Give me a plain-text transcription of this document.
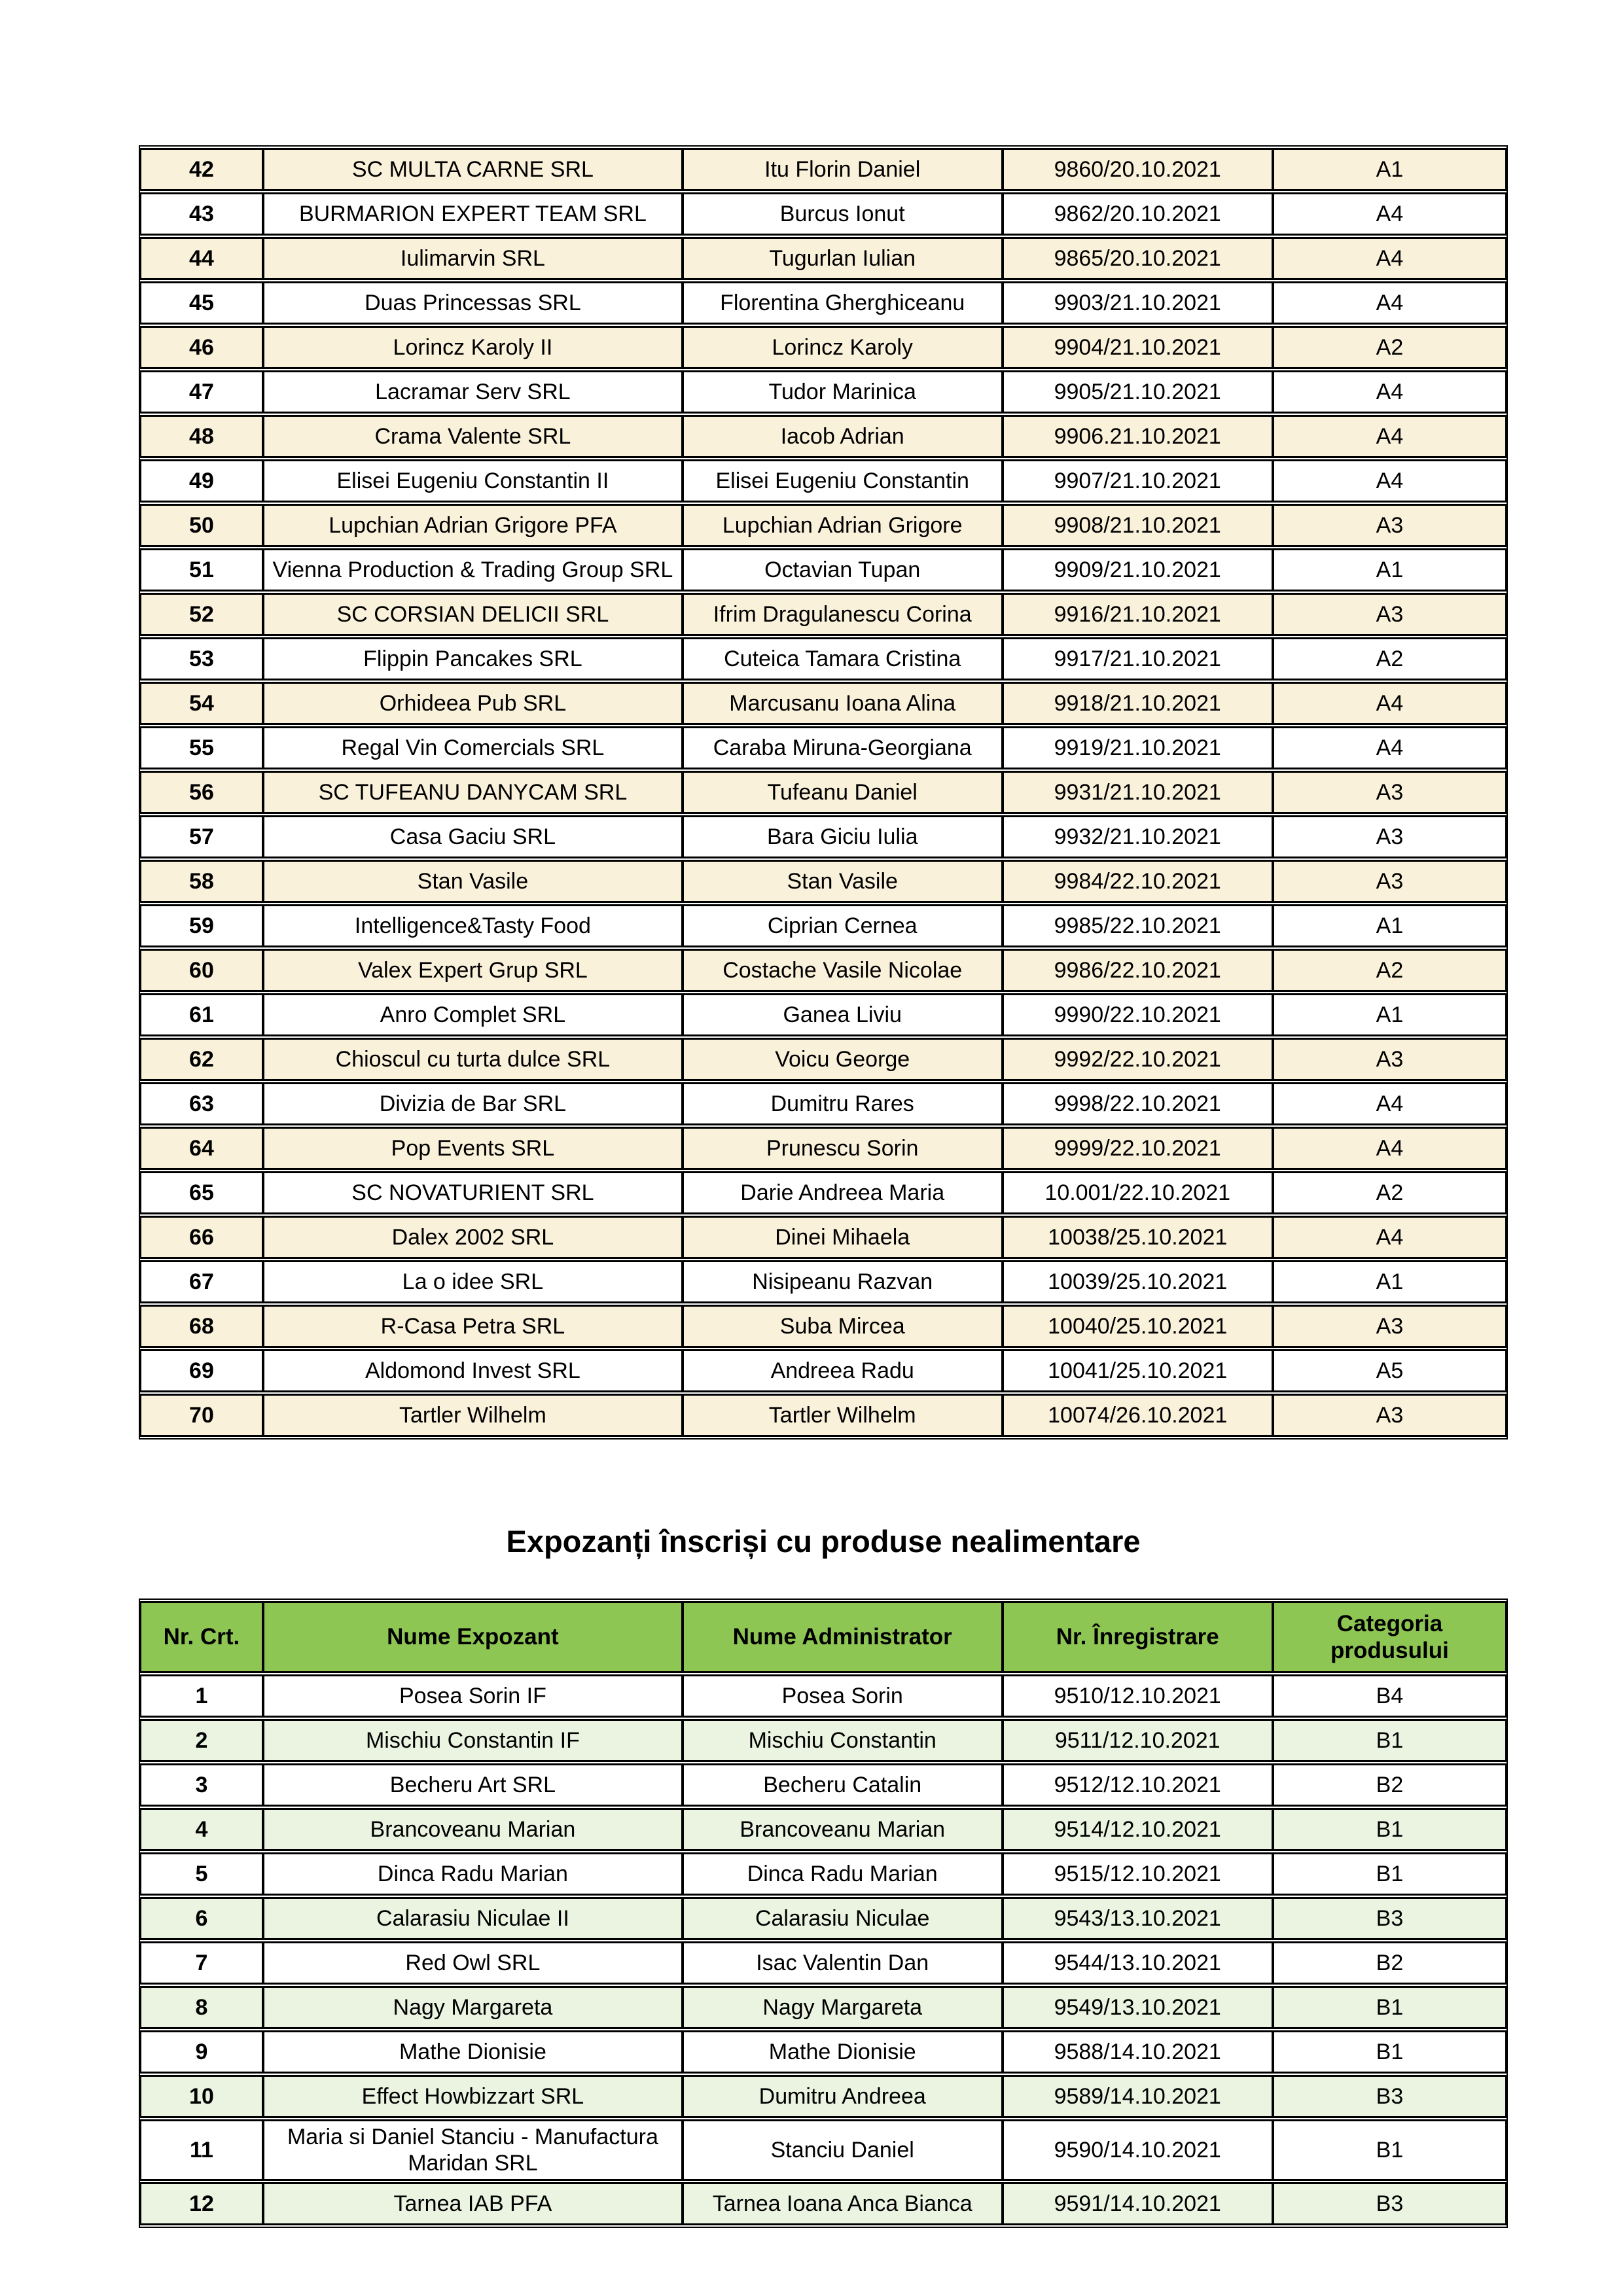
42	SC MULTA CARNE SRL	Itu Florin Daniel	9860/20.10.2021	A1
43	BURMARION EXPERT TEAM SRL	Burcus Ionut	9862/20.10.2021	A4
44	Iulimarvin SRL	Tugurlan Iulian	9865/20.10.2021	A4
45	Duas Princessas SRL	Florentina Gherghiceanu	9903/21.10.2021	A4
46	Lorincz Karoly II	Lorincz Karoly	9904/21.10.2021	A2
47	Lacramar Serv SRL	Tudor Marinica	9905/21.10.2021	A4
48	Crama Valente SRL	Iacob Adrian	9906.21.10.2021	A4
49	Elisei Eugeniu Constantin II	Elisei Eugeniu Constantin	9907/21.10.2021	A4
50	Lupchian Adrian Grigore PFA	Lupchian Adrian Grigore	9908/21.10.2021	A3
51	Vienna Production & Trading Group SRL	Octavian Tupan	9909/21.10.2021	A1
52	SC CORSIAN DELICII SRL	Ifrim Dragulanescu Corina	9916/21.10.2021	A3
53	Flippin Pancakes SRL	Cuteica Tamara Cristina	9917/21.10.2021	A2
54	Orhideea Pub SRL	Marcusanu Ioana Alina	9918/21.10.2021	A4
55	Regal Vin Comercials SRL	Caraba Miruna-Georgiana	9919/21.10.2021	A4
56	SC TUFEANU DANYCAM SRL	Tufeanu Daniel	9931/21.10.2021	A3
57	Casa Gaciu SRL	Bara Giciu Iulia	9932/21.10.2021	A3
58	Stan Vasile	Stan Vasile	9984/22.10.2021	A3
59	Intelligence&Tasty Food	Ciprian Cernea	9985/22.10.2021	A1
60	Valex Expert Grup SRL	Costache Vasile Nicolae	9986/22.10.2021	A2
61	Anro Complet SRL	Ganea Liviu	9990/22.10.2021	A1
62	Chioscul cu turta dulce SRL	Voicu George	9992/22.10.2021	A3
63	Divizia de Bar SRL	Dumitru Rares	9998/22.10.2021	A4
64	Pop Events SRL	Prunescu Sorin	9999/22.10.2021	A4
65	SC NOVATURIENT SRL	Darie Andreea Maria	10.001/22.10.2021	A2
66	Dalex 2002 SRL	Dinei Mihaela	10038/25.10.2021	A4
67	La o idee SRL	Nisipeanu Razvan	10039/25.10.2021	A1
68	R-Casa Petra SRL	Suba Mircea	10040/25.10.2021	A3
69	Aldomond Invest SRL	Andreea Radu	10041/25.10.2021	A5
70	Tartler Wilhelm	Tartler Wilhelm	10074/26.10.2021	A3
Expozanți înscriși cu produse nealimentare
Nr. Crt.	Nume Expozant	Nume Administrator	Nr. Înregistrare	Categoria produsului
1	Posea Sorin IF	Posea Sorin	9510/12.10.2021	B4
2	Mischiu Constantin IF	Mischiu Constantin	9511/12.10.2021	B1
3	Becheru Art SRL	Becheru Catalin	9512/12.10.2021	B2
4	Brancoveanu Marian	Brancoveanu Marian	9514/12.10.2021	B1
5	Dinca Radu Marian	Dinca Radu Marian	9515/12.10.2021	B1
6	Calarasiu Niculae II	Calarasiu Niculae	9543/13.10.2021	B3
7	Red Owl SRL	Isac Valentin Dan	9544/13.10.2021	B2
8	Nagy Margareta	Nagy Margareta	9549/13.10.2021	B1
9	Mathe Dionisie	Mathe Dionisie	9588/14.10.2021	B1
10	Effect Howbizzart SRL	Dumitru Andreea	9589/14.10.2021	B3
11	Maria si Daniel Stanciu - Manufactura Maridan SRL	Stanciu Daniel	9590/14.10.2021	B1
12	Tarnea IAB PFA	Tarnea Ioana Anca Bianca	9591/14.10.2021	B3
